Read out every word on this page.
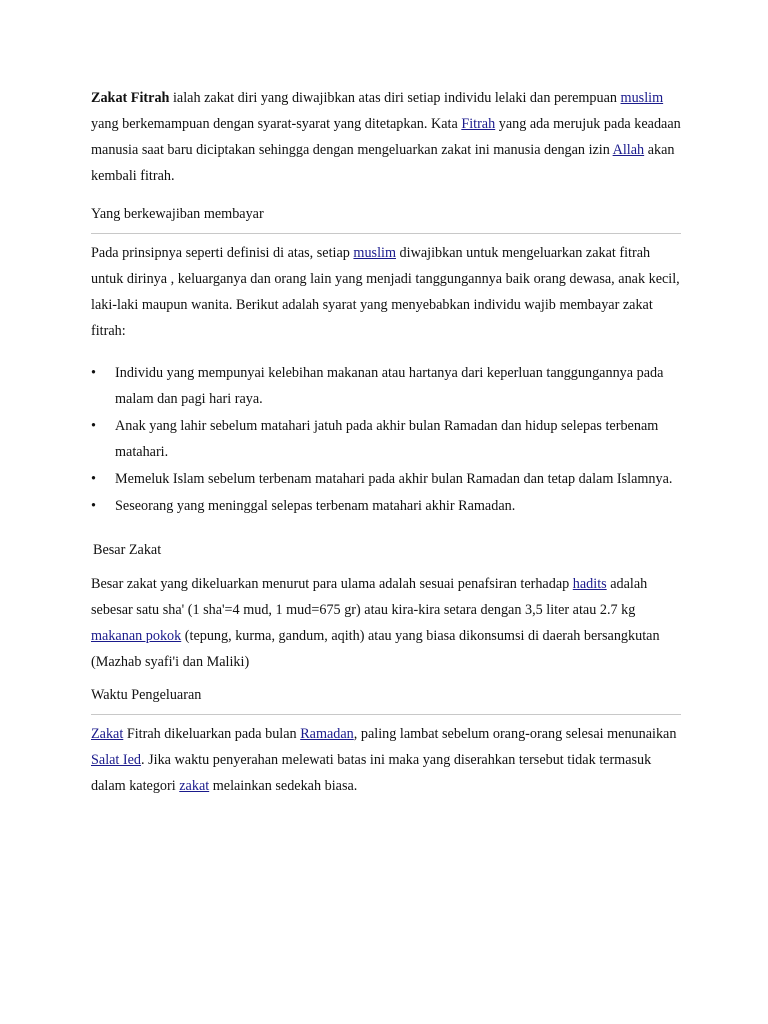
Zakat Fitrah ialah zakat diri yang diwajibkan atas diri setiap individu lelaki dan perempuan muslim yang berkemampuan dengan syarat-syarat yang ditetapkan. Kata Fitrah yang ada merujuk pada keadaan manusia saat baru diciptakan sehingga dengan mengeluarkan zakat ini manusia dengan izin Allah akan kembali fitrah.

Yang berkewajiban membayar

Pada prinsipnya seperti definisi di atas, setiap muslim diwajibkan untuk mengeluarkan zakat fitrah untuk dirinya , keluarganya dan orang lain yang menjadi tanggungannya baik orang dewasa, anak kecil, laki-laki maupun wanita. Berikut adalah syarat yang menyebabkan individu wajib membayar zakat fitrah:

•	Individu yang mempunyai kelebihan makanan atau hartanya dari keperluan tanggungannya pada malam dan pagi hari raya.
•	Anak yang lahir sebelum matahari jatuh pada akhir bulan Ramadan dan hidup selepas terbenam matahari.
•	Memeluk Islam sebelum terbenam matahari pada akhir bulan Ramadan dan tetap dalam Islamnya.
•	Seseorang yang meninggal selepas terbenam matahari akhir Ramadan.

Besar Zakat

Besar zakat yang dikeluarkan menurut para ulama adalah sesuai penafsiran terhadap hadits adalah sebesar satu sha' (1 sha'=4 mud, 1 mud=675 gr) atau kira-kira setara dengan 3,5 liter atau 2.7 kg makanan pokok (tepung, kurma, gandum, aqith) atau yang biasa dikonsumsi di daerah bersangkutan (Mazhab syafi'i dan Maliki)

Waktu Pengeluaran

Zakat Fitrah dikeluarkan pada bulan Ramadan, paling lambat sebelum orang-orang selesai menunaikan Salat Ied. Jika waktu penyerahan melewati batas ini maka yang diserahkan tersebut tidak termasuk dalam kategori zakat melainkan sedekah biasa.
